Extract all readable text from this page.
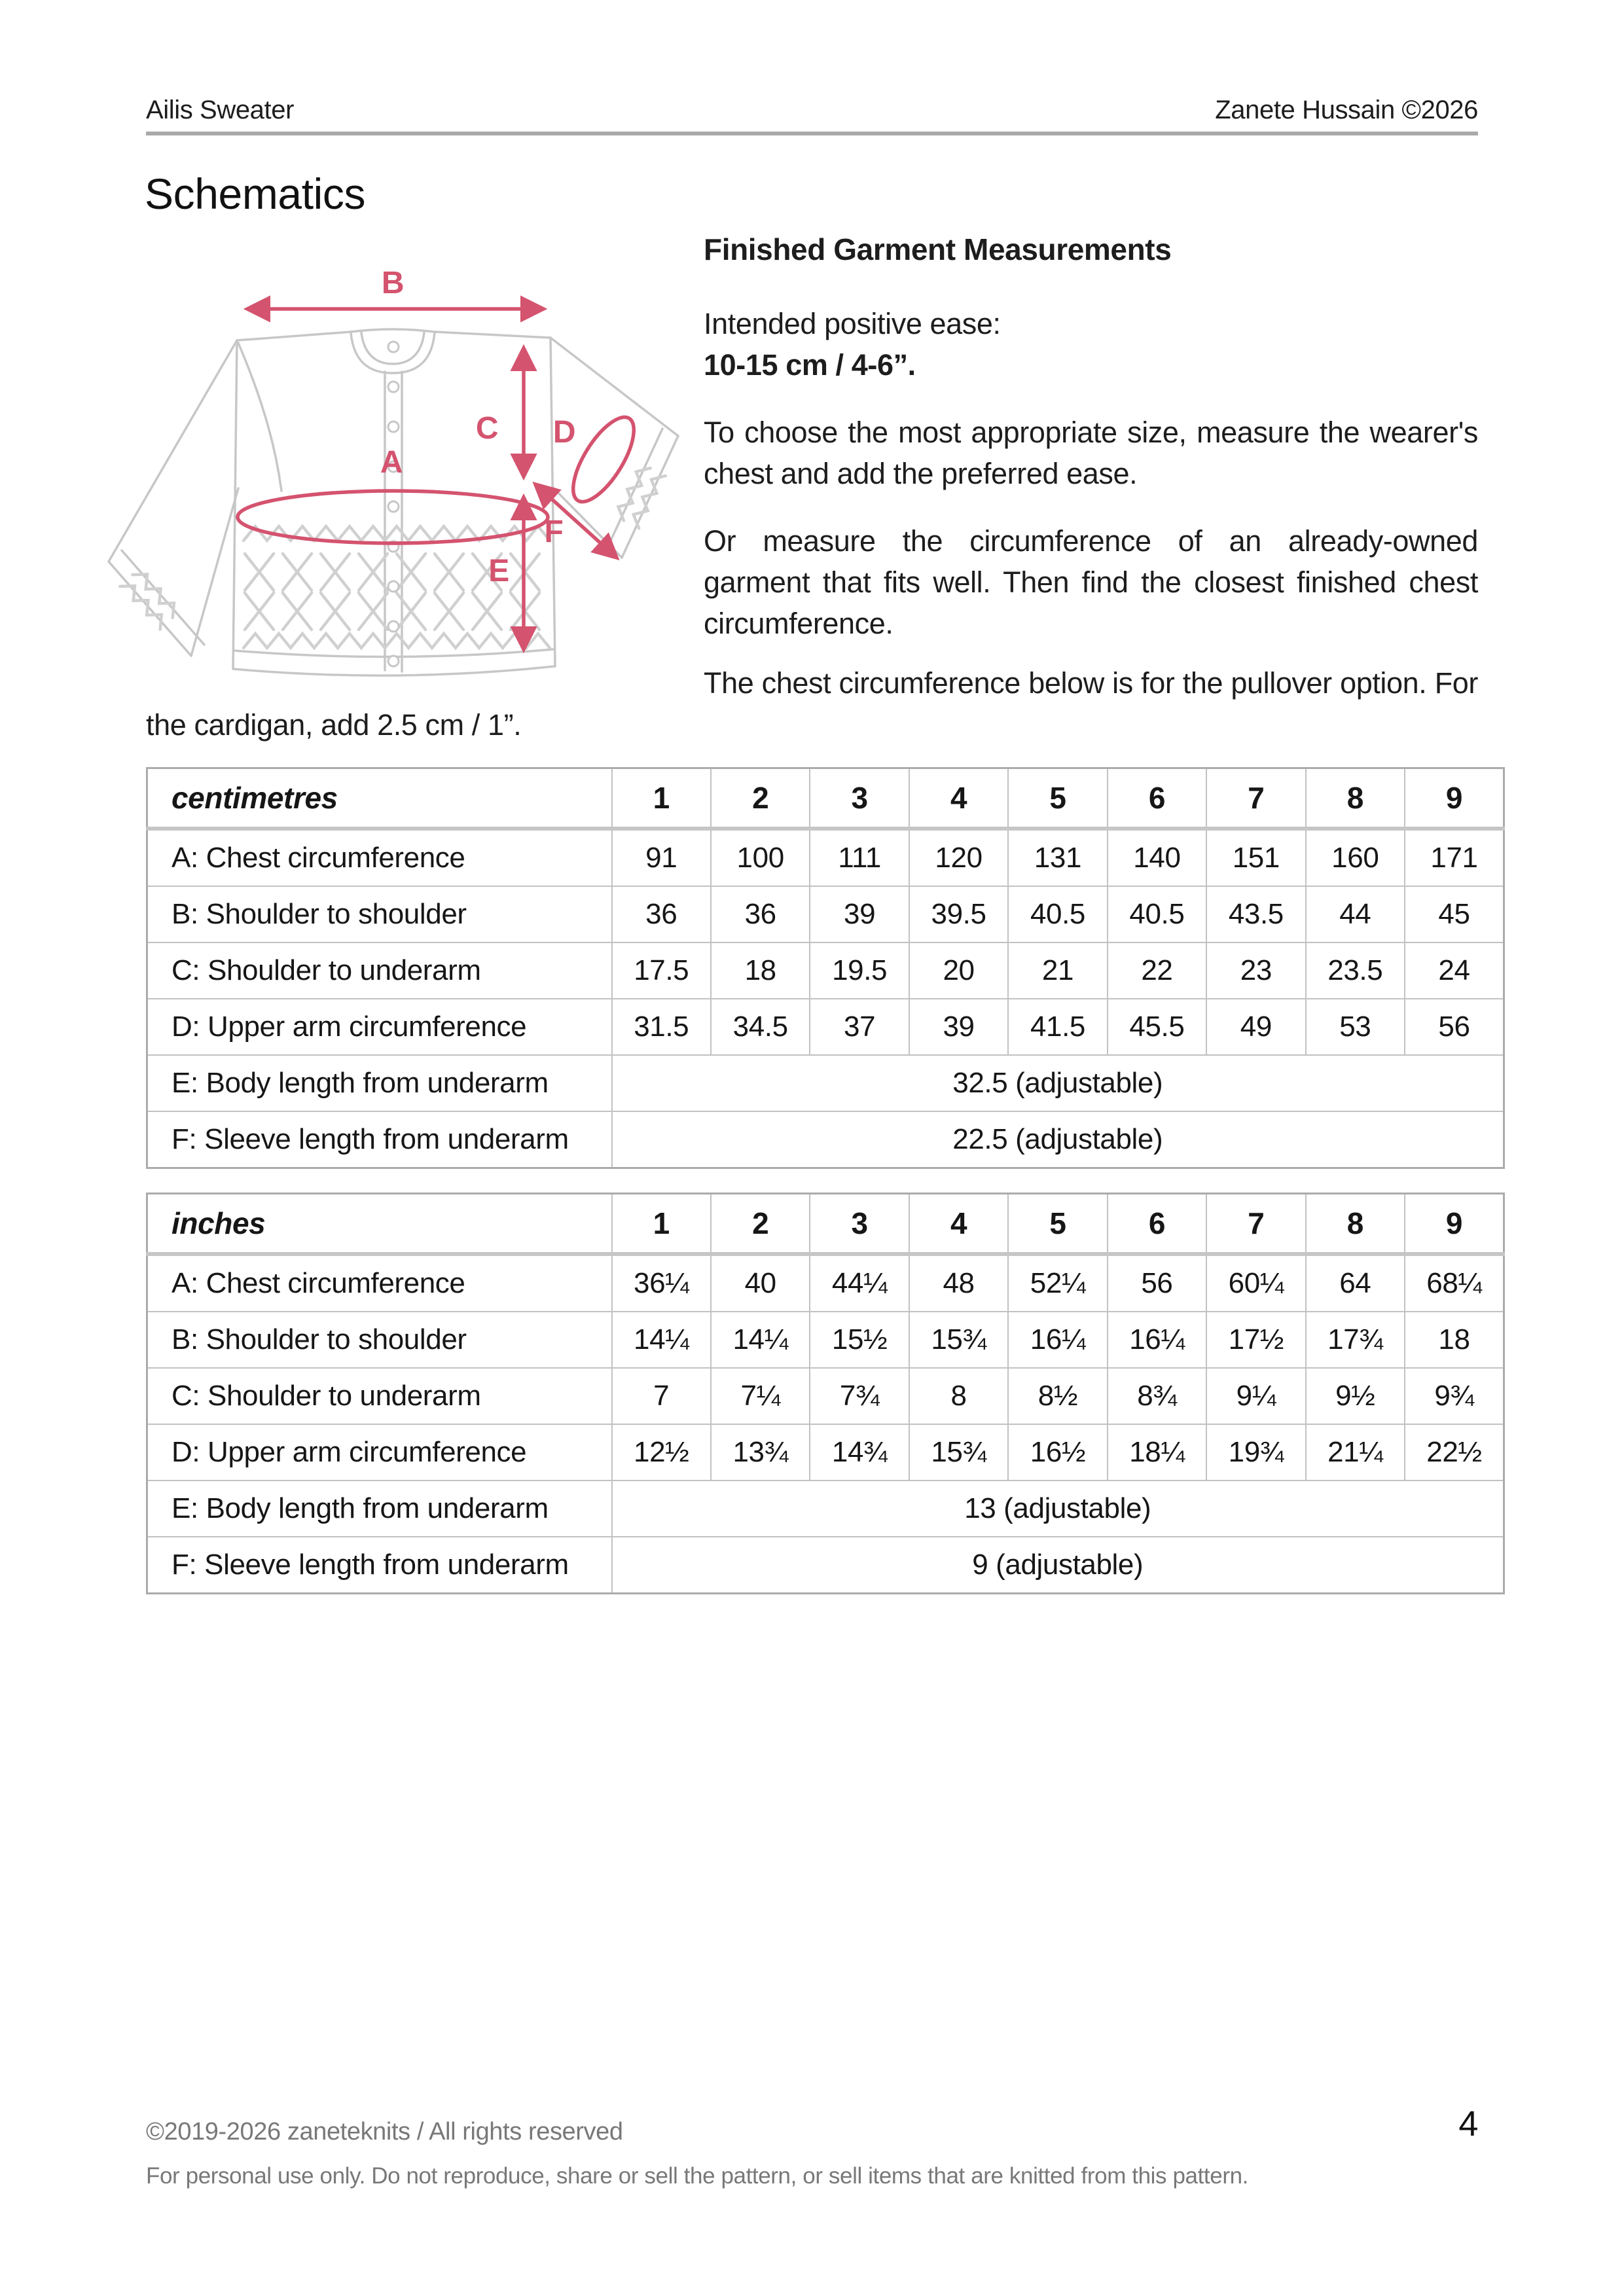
Ailis Sweater	Zanete Hussain ©2026
Schematics
B
C
A
D
E
F
Finished Garment Measurements
Intended positive ease:
10-15 cm / 4-6”.
To choose the most appropriate size, measure the wearer's chest and add the preferred ease.
Or measure the circumference of an already-owned garment that fits well. Then find the closest finished chest circumference.
The chest circumference below is for the pullover option. For the cardigan, add 2.5 cm / 1”.
centimetres	1	2	3	4	5	6	7	8	9
A: Chest circumference	91	100	111	120	131	140	151	160	171
B: Shoulder to shoulder	36	36	39	39.5	40.5	40.5	43.5	44	45
C: Shoulder to underarm	17.5	18	19.5	20	21	22	23	23.5	24
D: Upper arm circumference	31.5	34.5	37	39	41.5	45.5	49	53	56
E: Body length from underarm	32.5 (adjustable)								
F: Sleeve length from underarm	22.5 (adjustable)								
inches	1	2	3	4	5	6	7	8	9
A: Chest circumference	36¼	40	44¼	48	52¼	56	60¼	64	68¼
B: Shoulder to shoulder	14¼	14¼	15½	15¾	16¼	16¼	17½	17¾	18
C: Shoulder to underarm	7	7¼	7¾	8	8½	8¾	9¼	9½	9¾
D: Upper arm circumference	12½	13¾	14¾	15¾	16½	18¼	19¾	21¼	22½
E: Body length from underarm	13 (adjustable)								
F: Sleeve length from underarm	9 (adjustable)								
©2019-2026 zaneteknits / All rights reserved
For personal use only. Do not reproduce, share or sell the pattern, or sell items that are knitted from this pattern.
4
